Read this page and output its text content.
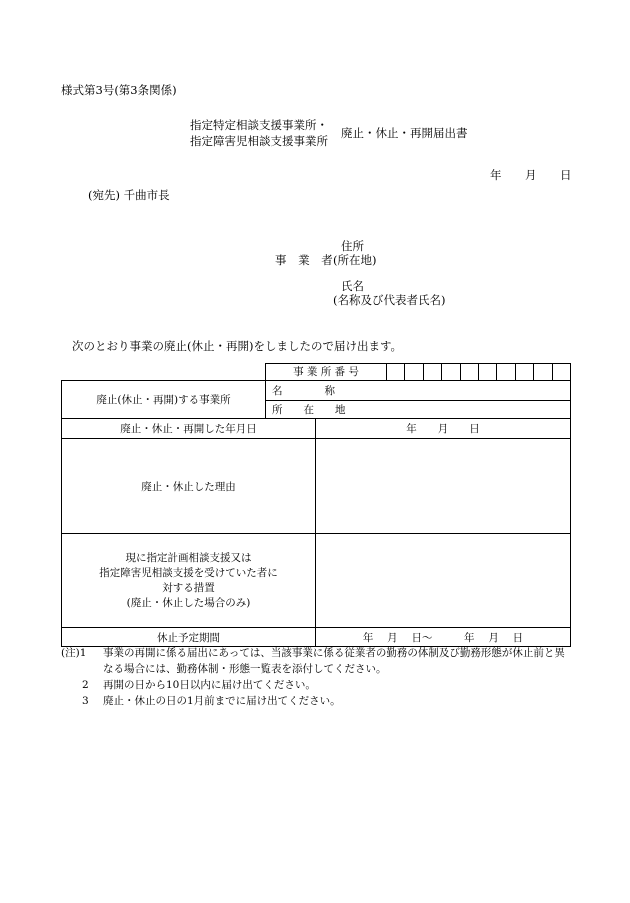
様式第3号(第3条関係)
指定特定相談支援事業所・
指定障害児相談支援事業所
廃止・休止・再開届出書
年 月 日
(宛先) 千曲市長
住所
事 業 者
(所在地)
氏名
(名称及び代表者氏名)
次のとおり事業の廃止(休止・再開)をしましたので届け出ます。

	事 業 所 番 号	

廃止(休止・再開)する事業所	名　　　　称	
	所　　在　　地	
廃止・休止・再開した年月日		年　　月　　日
廃止・休止した理由		

現に指定計画相談支援又は
指定障害児相談支援を受けていた者に
対する措置
(廃止・休止した場合のみ)		

休止予定期間		年　 月　 日〜　　　年　 月　 日
(注)1	事業の再開に係る届出にあっては、当該事業に係る従業者の勤務の体制及び勤務形態が休止前と異なる場合には、勤務体制・形態一覧表を添付してください。
　　2	再開の日から10日以内に届け出てください。
　　3	廃止・休止の日の1月前までに届け出てください。
